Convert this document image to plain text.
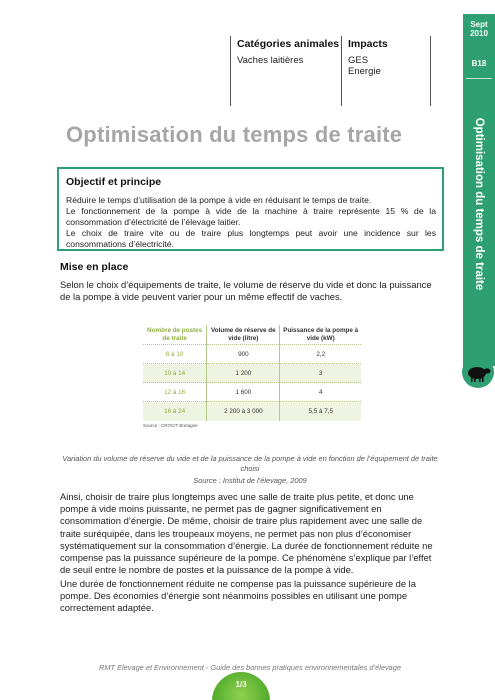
Catégories animales
Vaches laitières
Impacts
GES
Energie
Sept
2010
B18
Optimisation du temps de traite
Optimisation du temps de traite
Objectif et principe

Réduire le temps d’utilisation de la pompe à vide en réduisant le temps de traite.

Le fonctionnement de la pompe à vide de la machine à traire représente 15 % de la consommation d’électricité de l’élevage laitier.

Le choix de traire vite ou de traire plus longtemps peut avoir une incidence sur les consommations d’électricité.

Mise en place

Selon le choix d’équipements de traite, le volume de réserve du vide et donc la puissance de la pompe à vide peuvent varier pour un même effectif de vaches.

Nombre de postes de traite	Volume de réserve de vide (litre)	Puissance de la pompe à vide (kW)
6 à 10	900	2,2
10 à 14	1 200	3
12 à 16	1 600	4
16 à 24	2 200 à 3 000	5,5 à 7,5
Source : CROCIT Bretagne
Variation du volume de réserve du vide et de la puissance de la pompe à vide en fonction de l’équipement de traite choisi
Source : Institut de l’élevage, 2009

Ainsi, choisir de traire plus longtemps avec une salle de traite plus petite, et donc une pompe à vide moins puissante, ne permet pas de gagner significativement en consommation d’énergie. De même, choisir de traire plus rapidement avec une salle de traite suréquipée, dans les troupeaux moyens, ne permet pas non plus d’économiser systématiquement sur la consommation d’énergie. La durée de fonctionnement réduite ne compense pas la puissance supérieure de la pompe. Ce phénomène s’explique par l’effet de seuil entre le nombre de postes et la puissance de la pompe à vide.

Une durée de fonctionnement réduite ne compense pas la puissance supérieure de la pompe. Des économies d’énergie sont néanmoins possibles en utilisant une pompe correctement adaptée.

RMT Elevage et Environnement - Guide des bonnes pratiques environnementales d’élevage
1/3
